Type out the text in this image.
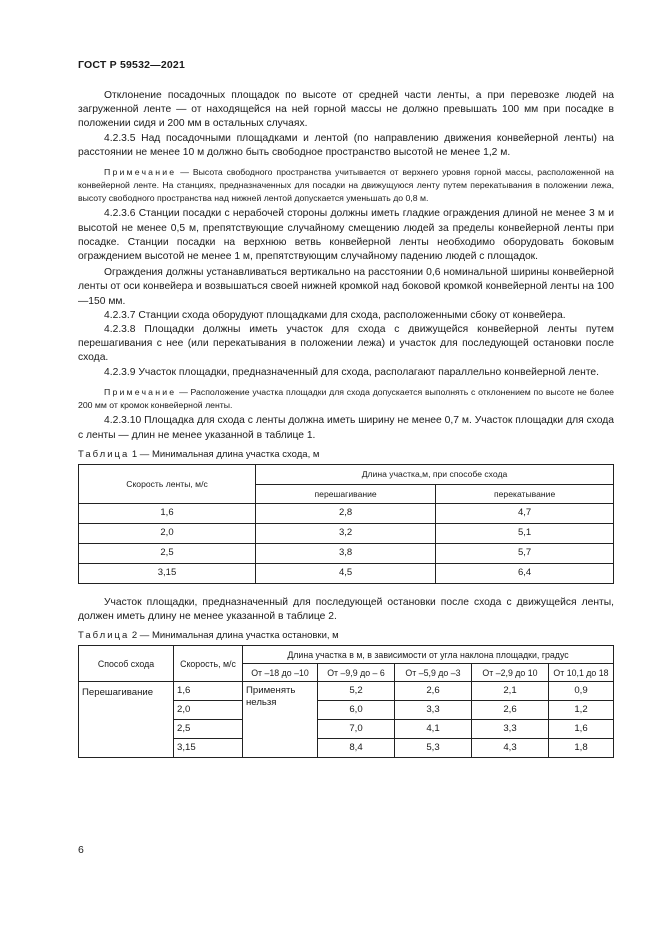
ГОСТ Р 59532—2021

Отклонение посадочных площадок по высоте от средней части ленты, а при перевозке людей на загруженной ленте — от находящейся на ней горной массы не должно превышать 100 мм при посадке в положении сидя и 200 мм в остальных случаях.

4.2.3.5 Над посадочными площадками и лентой (по направлению движения конвейерной ленты) на расстоянии не менее 10 м должно быть свободное пространство высотой не менее 1,2 м.

Примечание — Высота свободного пространства учитывается от верхнего уровня горной массы, расположенной на конвейерной ленте. На станциях, предназначенных для посадки на движущуюся ленту путем перекатывания в положении лежа, высоту свободного пространства над нижней лентой допускается уменьшать до 0,8 м.

4.2.3.6 Станции посадки с нерабочей стороны должны иметь гладкие ограждения длиной не менее 3 м и высотой не менее 0,5 м, препятствующие случайному смещению людей за пределы конвейерной ленты при посадке. Станции посадки на верхнюю ветвь конвейерной ленты необходимо оборудовать боковым ограждением высотой не менее 1 м, препятствующим случайному падению людей с площадок.

Ограждения должны устанавливаться вертикально на расстоянии 0,6 номинальной ширины конвейерной ленты от оси конвейера и возвышаться своей нижней кромкой над боковой кромкой конвейерной ленты на 100—150 мм.

4.2.3.7 Станции схода оборудуют площадками для схода, расположенными сбоку от конвейера.

4.2.3.8 Площадки должны иметь участок для схода с движущейся конвейерной ленты путем перешагивания с нее (или перекатывания в положении лежа) и участок для последующей остановки после схода.

4.2.3.9 Участок площадки, предназначенный для схода, располагают параллельно конвейерной ленте.

Примечание — Расположение участка площадки для схода допускается выполнять с отклонением по высоте не более 200 мм от кромок конвейерной ленты.

4.2.3.10 Площадка для схода с ленты должна иметь ширину не менее 0,7 м. Участок площадки для схода с ленты — длин не менее указанной в таблице 1.

Таблица 1 — Минимальная длина участка схода, м

Скорость ленты, м/с	Длина участка,м, при способе схода	
	перешагивание	перекатывание
1,6	2,8	4,7
2,0	3,2	5,1
2,5	3,8	5,7
3,15	4,5	6,4

Участок площадки, предназначенный для последующей остановки после схода с движущейся ленты, должен иметь длину не менее указанной в таблице 2.

Таблица 2 — Минимальная длина участка остановки, м

Способ схода	Скорость, м/с	Длина участка в м, в зависимости от угла наклона площадки, градус				
		От –18 до –10	От –9,9 до – 6	От –5,9 до –3	От –2,9 до 10	От 10,1 до 18
Перешагивание	1,6	Применять нельзя	5,2	2,6	2,1	0,9
	2,0		6,0	3,3	2,6	1,2
	2,5		7,0	4,1	3,3	1,6
	3,15		8,4	5,3	4,3	1,8
6
